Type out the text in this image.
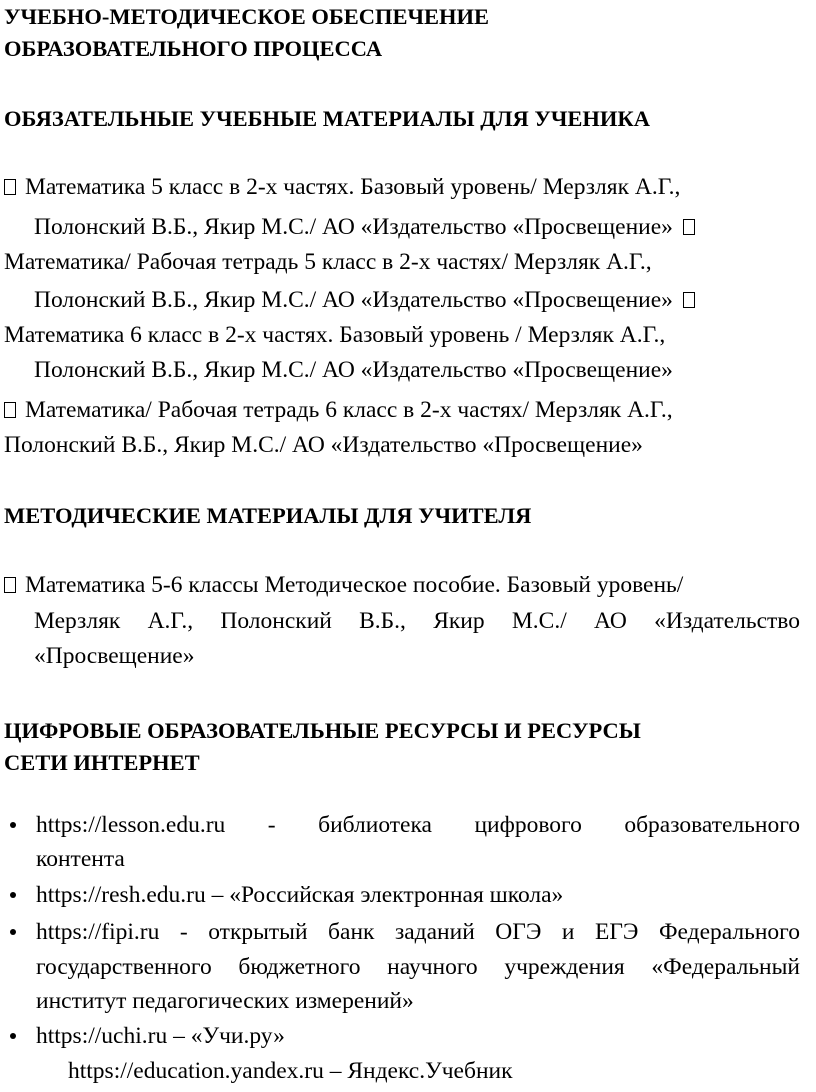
УЧЕБНО-МЕТОДИЧЕСКОЕ ОБЕСПЕЧЕНИЕ
ОБРАЗОВАТЕЛЬНОГО ПРОЦЕССА
ОБЯЗАТЕЛЬНЫЕ УЧЕБНЫЕ МАТЕРИАЛЫ ДЛЯ УЧЕНИКА
Математика 5 класс в 2-х частях. Базовый уровень/ Мерзляк А.Г.,
Полонский В.Б., Якир М.С./ АО «Издательство «Просвещение»
Математика/ Рабочая тетрадь 5 класс в 2-х частях/ Мерзляк А.Г.,
Полонский В.Б., Якир М.С./ АО «Издательство «Просвещение»
Математика 6 класс в 2-х частях. Базовый уровень / Мерзляк А.Г.,
Полонский В.Б., Якир М.С./ АО «Издательство «Просвещение»
Математика/ Рабочая тетрадь 6 класс в 2-х частях/ Мерзляк А.Г.,
Полонский В.Б., Якир М.С./ АО «Издательство «Просвещение»
МЕТОДИЧЕСКИЕ МАТЕРИАЛЫ ДЛЯ УЧИТЕЛЯ
Математика 5-6 классы Методическое пособие. Базовый уровень/
Мерзляк А.Г., Полонский В.Б., Якир М.С./ АО «Издательство
«Просвещение»
ЦИФРОВЫЕ ОБРАЗОВАТЕЛЬНЫЕ РЕСУРСЫ И РЕСУРСЫ
СЕТИ ИНТЕРНЕТ
https://lesson.edu.ru - библиотека цифрового образовательного
контента
https://resh.edu.ru – «Российская электронная школа»
https://fipi.ru - открытый банк заданий ОГЭ и ЕГЭ Федерального
государственного бюджетного научного учреждения «Федеральный
институт педагогических измерений»
https://uchi.ru – «Учи.ру»
https://education.yandex.ru – Яндекс.Учебник
